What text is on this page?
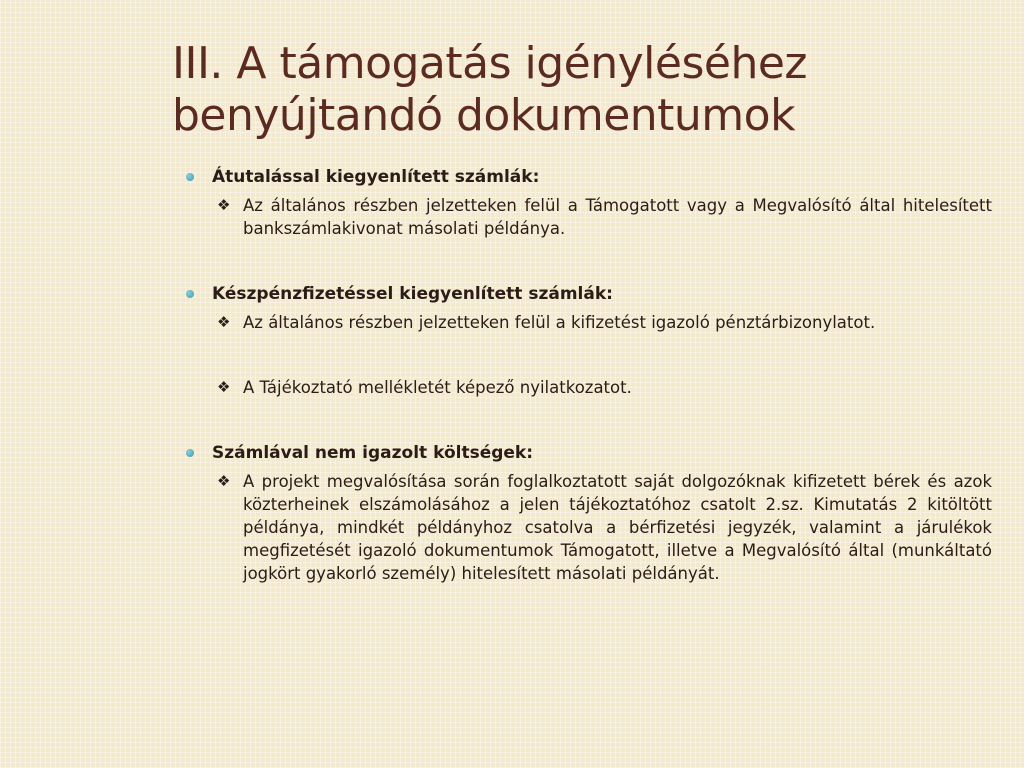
III. A támogatás igényléséhez benyújtandó dokumentumok
Átutalással kiegyenlített számlák:
❖ Az általános részben jelzetteken felül a Támogatott vagy a Megvalósító által hitelesített bankszámlakivonat másolati példánya.
Készpénzfizetéssel kiegyenlített számlák:
❖ Az általános részben jelzetteken felül a kifizetést igazoló pénztárbizonylatot.
❖ A Tájékoztató mellékletét képező nyilatkozatot.
Számlával nem igazolt költségek:
❖ A projekt megvalósítása során foglalkoztatott saját dolgozóknak kifizetett bérek és azok közterheinek elszámolásához a jelen tájékoztatóhoz csatolt 2.sz. Kimutatás 2 kitöltött példánya, mindkét példányhoz csatolva a bérfizetési jegyzék, valamint a járulékok megfizetését igazoló dokumentumok Támogatott, illetve a Megvalósító által (munkáltató jogkört gyakorló személy) hitelesített másolati példányát.
